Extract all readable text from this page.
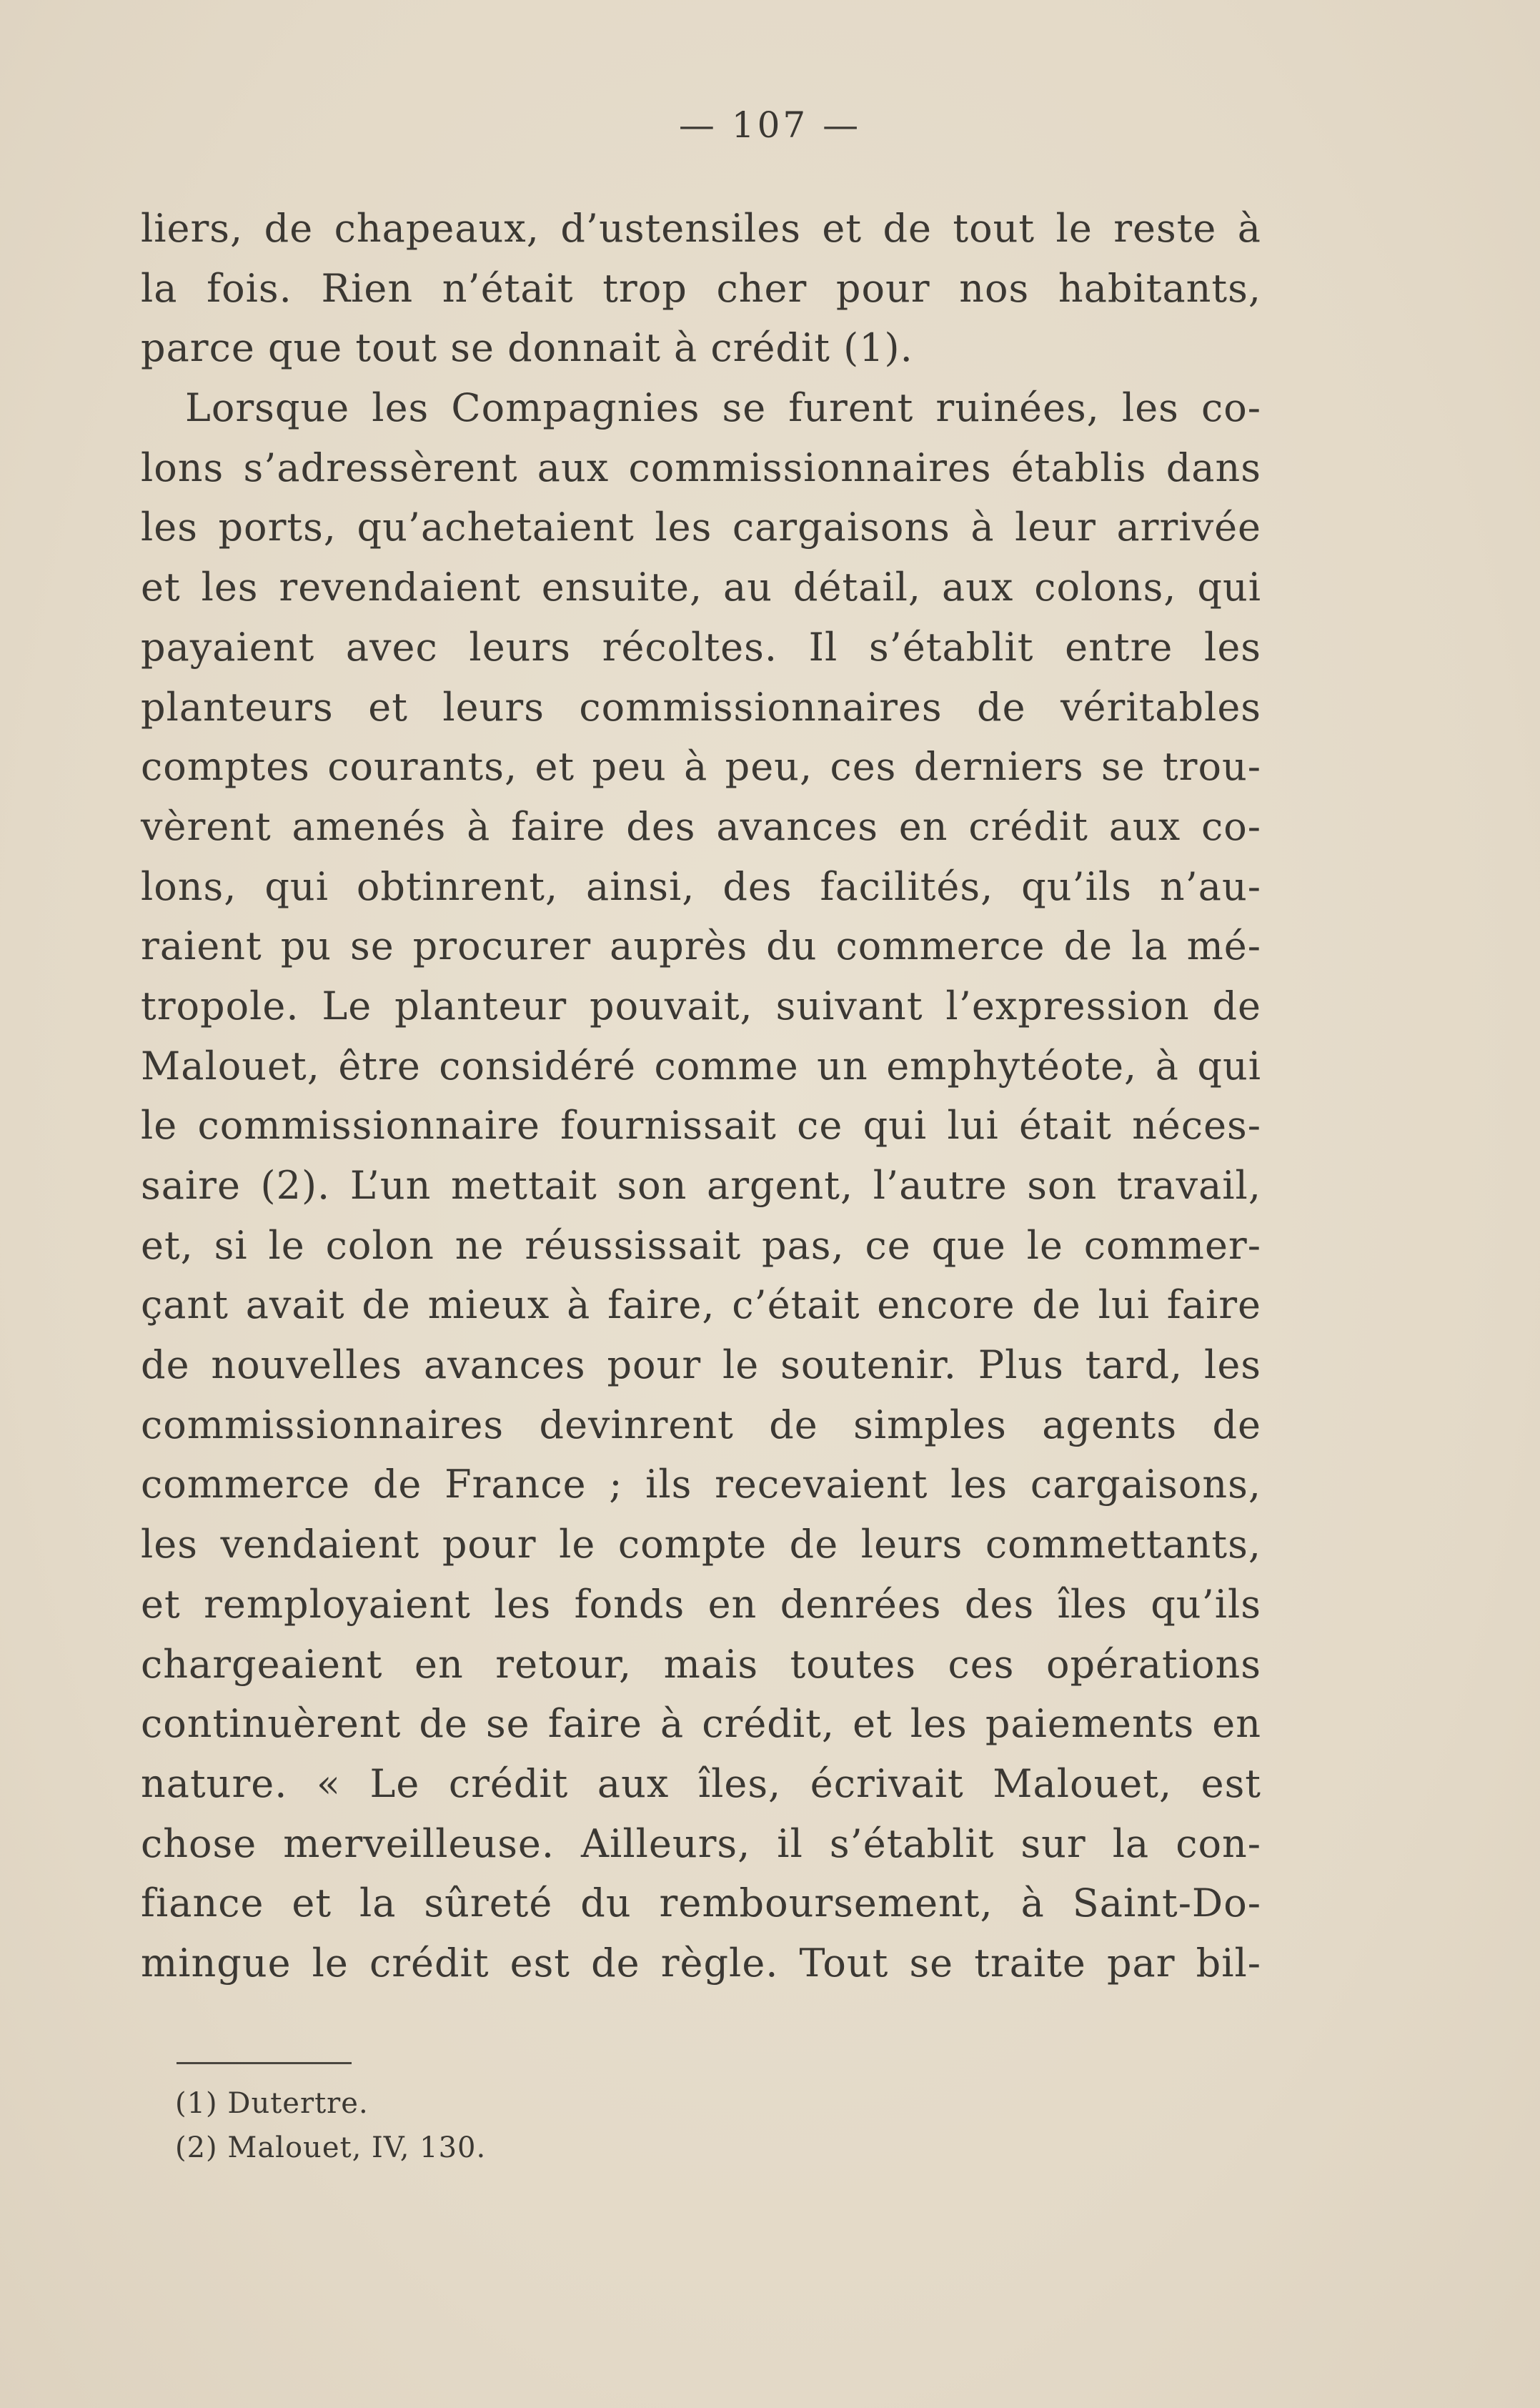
— 107 —
liers, de chapeaux, d’ustensiles et de tout le reste à
la fois. Rien n’était trop cher pour nos habitants,
parce que tout se donnait à crédit (1).
Lorsque les Compagnies se furent ruinées, les co-
lons s’adressèrent aux commissionnaires établis dans
les ports, qu’achetaient les cargaisons à leur arrivée
et les revendaient ensuite, au détail, aux colons, qui
payaient avec leurs récoltes. Il s’établit entre les
planteurs et leurs commissionnaires de véritables
comptes courants, et peu à peu, ces derniers se trou-
vèrent amenés à faire des avances en crédit aux co-
lons, qui obtinrent, ainsi, des facilités, qu’ils n’au-
raient pu se procurer auprès du commerce de la mé-
tropole. Le planteur pouvait, suivant l’expression de
Malouet, être considéré comme un emphytéote, à qui
le commissionnaire fournissait ce qui lui était néces-
saire (2). L’un mettait son argent, l’autre son travail,
et, si le colon ne réussissait pas, ce que le commer-
çant avait de mieux à faire, c’était encore de lui faire
de nouvelles avances pour le soutenir. Plus tard, les
commissionnaires devinrent de simples agents de
commerce de France ; ils recevaient les cargaisons,
les vendaient pour le compte de leurs commettants,
et remployaient les fonds en denrées des îles qu’ils
chargeaient en retour, mais toutes ces opérations
continuèrent de se faire à crédit, et les paiements en
nature. « Le crédit aux îles, écrivait Malouet, est
chose merveilleuse. Ailleurs, il s’établit sur la con-
fiance et la sûreté du remboursement, à Saint-Do-
mingue le crédit est de règle. Tout se traite par bil-
(1) Dutertre.
(2) Malouet, IV, 130.
